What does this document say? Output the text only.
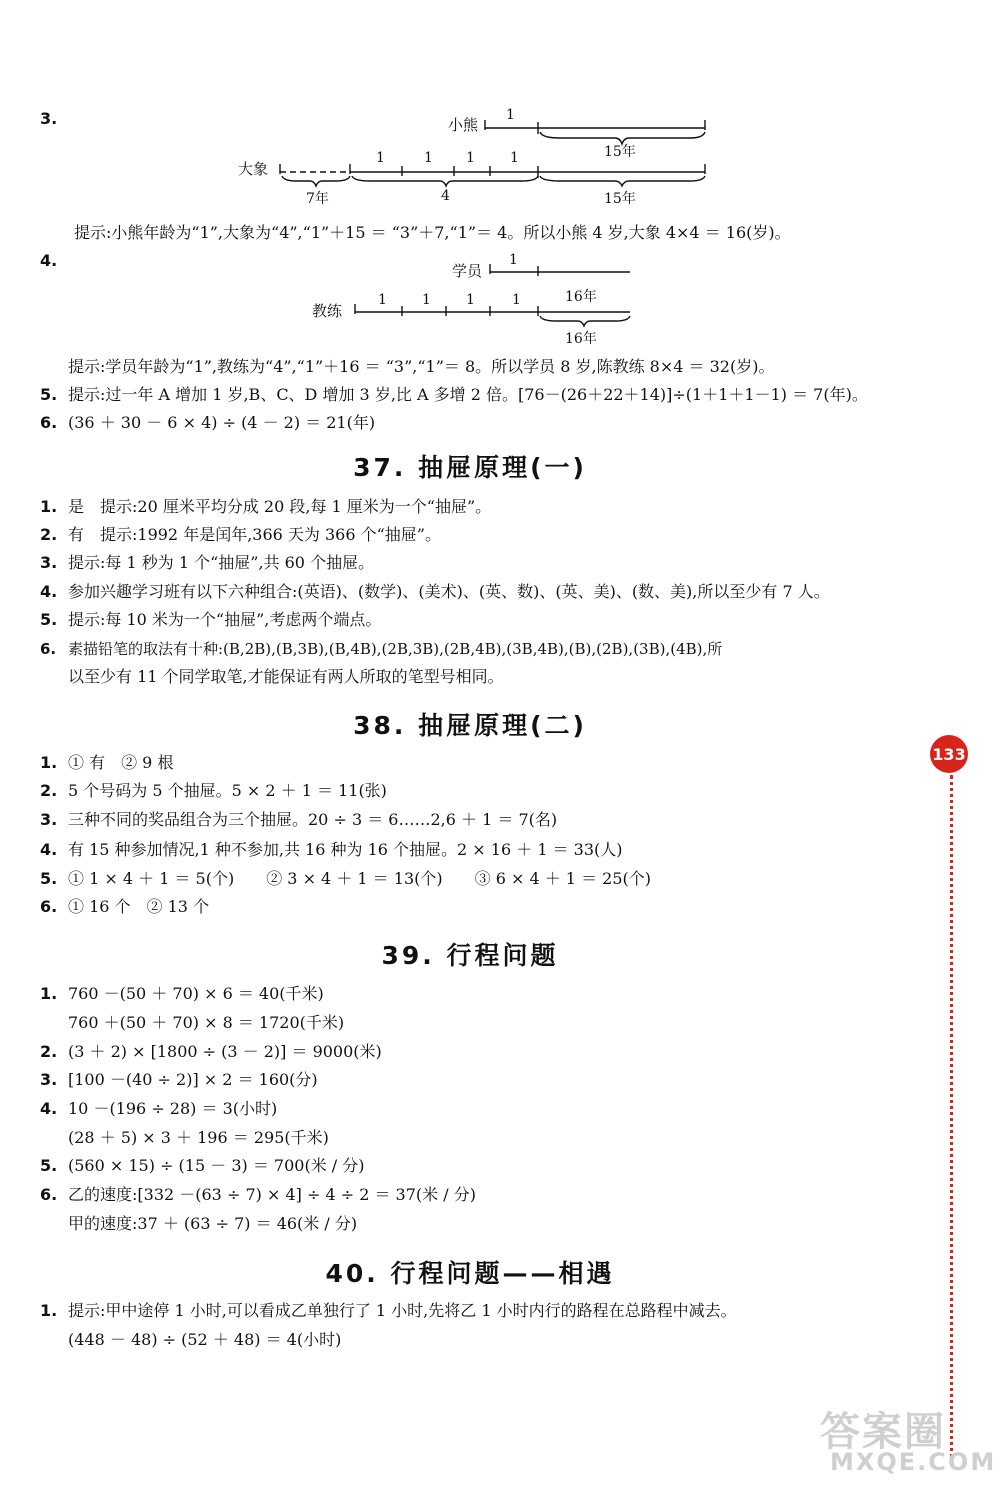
3.	小熊
1
15年
大象
1	1 1	1
7年	4	15年
提示:小熊年龄为“1”,大象为“4”,“1”＋15 ＝ “3”＋7,“1”＝ 4。所以小熊 4 岁,大象 4×4 ＝ 16(岁)。
4.
学员
1
教练
1	1	1	1	16年
16年
提示:学员年龄为“1”,教练为“4”,“1”＋16 ＝ “3”,“1”＝ 8。所以学员 8 岁,陈教练 8×4 ＝ 32(岁)。
5. 提示:过一年 A 增加 1 岁,B、C、D 增加 3 岁,比 A 多增 2 倍。[76－(26＋22＋14)]÷(1＋1＋1－1) ＝ 7(年)。
6. (36 ＋ 30 － 6 × 4) ÷ (4 － 2) ＝ 21(年)
37. 抽屉原理(一)
1. 是　提示:20 厘米平均分成 20 段,每 1 厘米为一个“抽屉”。
2. 有　提示:1992 年是闰年,366 天为 366 个“抽屉”。
3. 提示:每 1 秒为 1 个“抽屉”,共 60 个抽屉。
4. 参加兴趣学习班有以下六种组合:(英语)、(数学)、(美术)、(英、数)、(英、美)、(数、美),所以至少有 7 人。
5. 提示:每 10 米为一个“抽屉”,考虑两个端点。
6. 素描铅笔的取法有十种:(B,2B),(B,3B),(B,4B),(2B,3B),(2B,4B),(3B,4B),(B),(2B),(3B),(4B),所
以至少有 11 个同学取笔,才能保证有两人所取的笔型号相同。
38. 抽屉原理(二)
1. ① 有　② 9 根
2. 5 个号码为 5 个抽屉。5 × 2 ＋ 1 ＝ 11(张)
3. 三种不同的奖品组合为三个抽屉。20 ÷ 3 ＝ 6……2,6 ＋ 1 ＝ 7(名)
4. 有 15 种参加情况,1 种不参加,共 16 种为 16 个抽屉。2 × 16 ＋ 1 ＝ 33(人)
5. ① 1 × 4 ＋ 1 ＝ 5(个)　　② 3 × 4 ＋ 1 ＝ 13(个)　　③ 6 × 4 ＋ 1 ＝ 25(个)
6. ① 16 个　② 13 个
39. 行程问题
1. 760 －(50 ＋ 70) × 6 ＝ 40(千米)
760 ＋(50 ＋ 70) × 8 ＝ 1720(千米)
2. (3 ＋ 2) × [1800 ÷ (3 － 2)] ＝ 9000(米)
3. [100 －(40 ÷ 2)] × 2 ＝ 160(分)
4. 10 －(196 ÷ 28) ＝ 3(小时)
(28 ＋ 5) × 3 ＋ 196 ＝ 295(千米)
5. (560 × 15) ÷ (15 － 3) ＝ 700(米 / 分)
6. 乙的速度:[332 －(63 ÷ 7) × 4] ÷ 4 ÷ 2 ＝ 37(米 / 分)
甲的速度:37 ＋ (63 ÷ 7) ＝ 46(米 / 分)
40. 行程问题——相遇
1. 提示:甲中途停 1 小时,可以看成乙单独行了 1 小时,先将乙 1 小时内行的路程在总路程中减去。
(448 － 48) ÷ (52 ＋ 48) ＝ 4(小时)
133
答案圈
MXQE.COM
